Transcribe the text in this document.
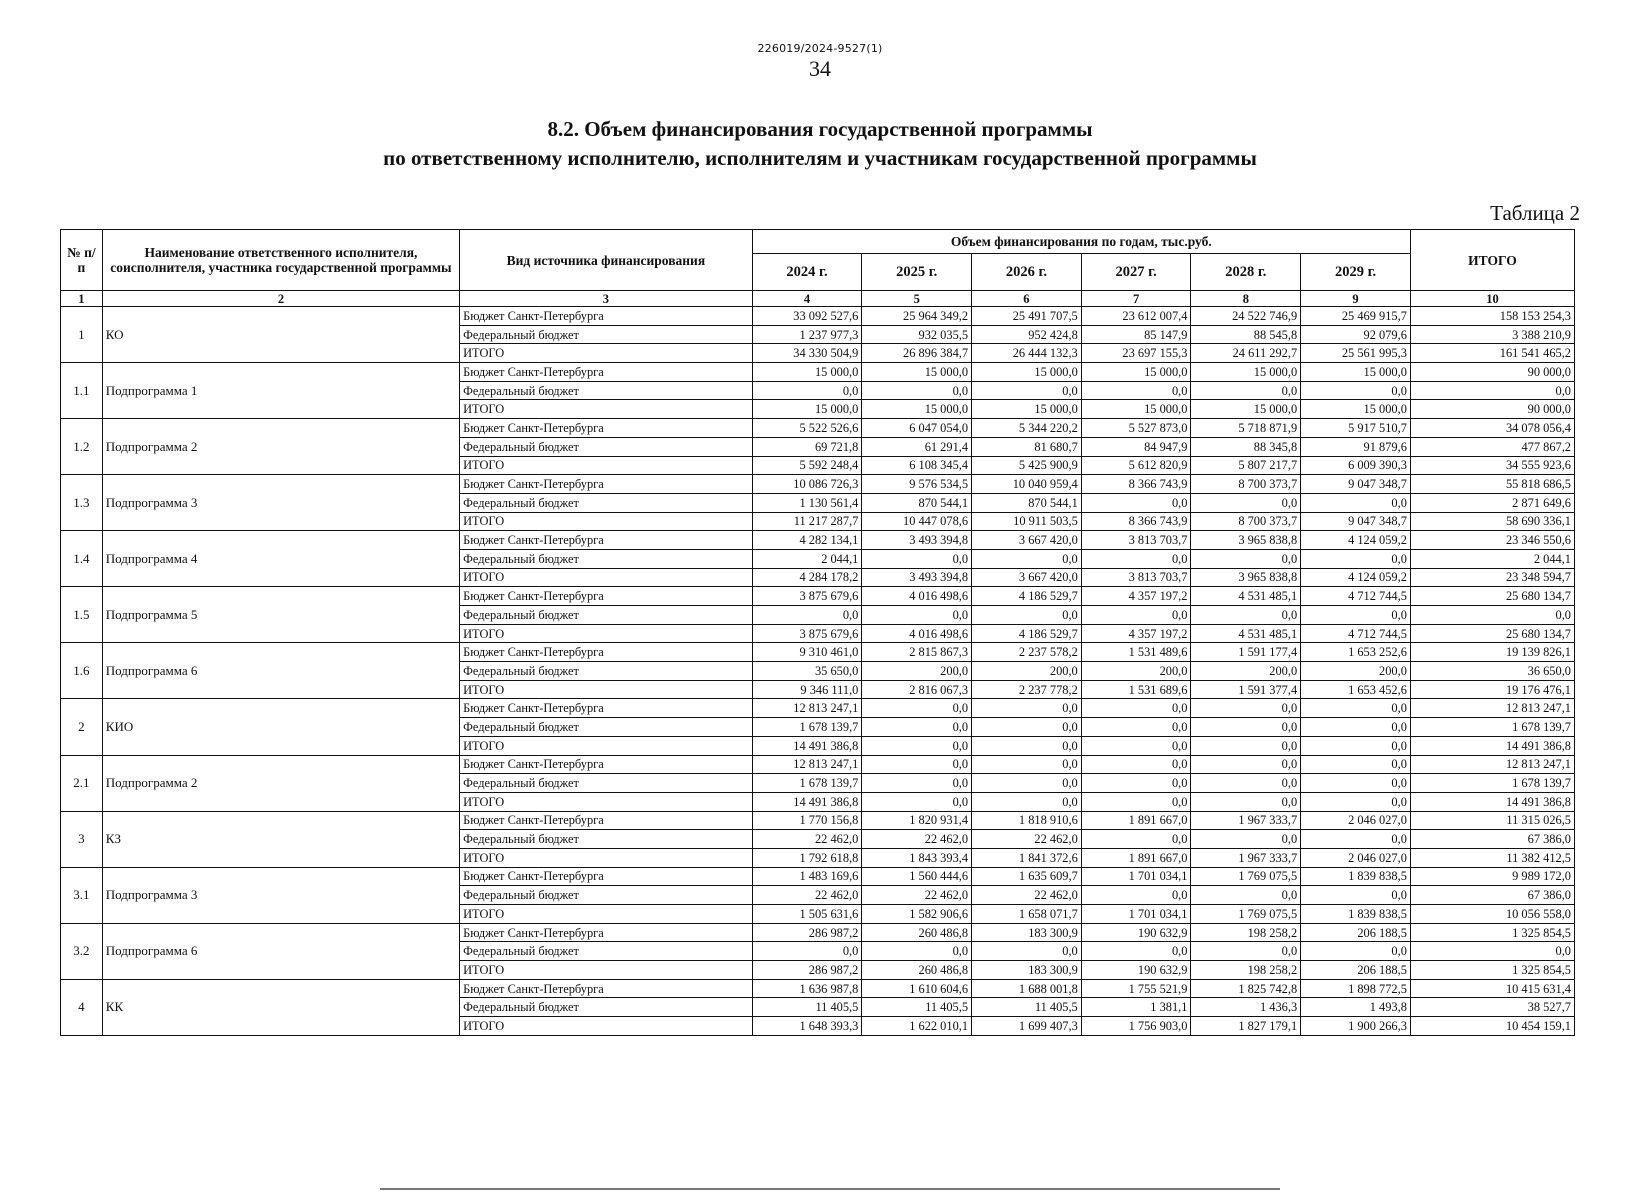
226019/2024-9527(1)
34
8.2. Объем финансирования государственной программы
по ответственному исполнителю, исполнителям и участникам государственной программы
Таблица 2
№ п/п	Наименование ответственного исполнителя, соисполнителя, участника государственной программы	Вид источника финансирования	Объем финансирования по годам, тыс.руб.						ИТОГО
			2024 г.	2025 г.	2026 г.	2027 г.	2028 г.	2029 г.	
1	2	3	4	5	6	7	8	9	10
1	КО	Бюджет Санкт-Петербурга	33 092 527,6	25 964 349,2	25 491 707,5	23 612 007,4	24 522 746,9	25 469 915,7	158 153 254,3
		Федеральный бюджет	1 237 977,3	932 035,5	952 424,8	85 147,9	88 545,8	92 079,6	3 388 210,9
		ИТОГО	34 330 504,9	26 896 384,7	26 444 132,3	23 697 155,3	24 611 292,7	25 561 995,3	161 541 465,2
1.1	Подпрограмма 1	Бюджет Санкт-Петербурга	15 000,0	15 000,0	15 000,0	15 000,0	15 000,0	15 000,0	90 000,0
		Федеральный бюджет	0,0	0,0	0,0	0,0	0,0	0,0	0,0
		ИТОГО	15 000,0	15 000,0	15 000,0	15 000,0	15 000,0	15 000,0	90 000,0
1.2	Подпрограмма 2	Бюджет Санкт-Петербурга	5 522 526,6	6 047 054,0	5 344 220,2	5 527 873,0	5 718 871,9	5 917 510,7	34 078 056,4
		Федеральный бюджет	69 721,8	61 291,4	81 680,7	84 947,9	88 345,8	91 879,6	477 867,2
		ИТОГО	5 592 248,4	6 108 345,4	5 425 900,9	5 612 820,9	5 807 217,7	6 009 390,3	34 555 923,6
1.3	Подпрограмма 3	Бюджет Санкт-Петербурга	10 086 726,3	9 576 534,5	10 040 959,4	8 366 743,9	8 700 373,7	9 047 348,7	55 818 686,5
		Федеральный бюджет	1 130 561,4	870 544,1	870 544,1	0,0	0,0	0,0	2 871 649,6
		ИТОГО	11 217 287,7	10 447 078,6	10 911 503,5	8 366 743,9	8 700 373,7	9 047 348,7	58 690 336,1
1.4	Подпрограмма 4	Бюджет Санкт-Петербурга	4 282 134,1	3 493 394,8	3 667 420,0	3 813 703,7	3 965 838,8	4 124 059,2	23 346 550,6
		Федеральный бюджет	2 044,1	0,0	0,0	0,0	0,0	0,0	2 044,1
		ИТОГО	4 284 178,2	3 493 394,8	3 667 420,0	3 813 703,7	3 965 838,8	4 124 059,2	23 348 594,7
1.5	Подпрограмма 5	Бюджет Санкт-Петербурга	3 875 679,6	4 016 498,6	4 186 529,7	4 357 197,2	4 531 485,1	4 712 744,5	25 680 134,7
		Федеральный бюджет	0,0	0,0	0,0	0,0	0,0	0,0	0,0
		ИТОГО	3 875 679,6	4 016 498,6	4 186 529,7	4 357 197,2	4 531 485,1	4 712 744,5	25 680 134,7
1.6	Подпрограмма 6	Бюджет Санкт-Петербурга	9 310 461,0	2 815 867,3	2 237 578,2	1 531 489,6	1 591 177,4	1 653 252,6	19 139 826,1
		Федеральный бюджет	35 650,0	200,0	200,0	200,0	200,0	200,0	36 650,0
		ИТОГО	9 346 111,0	2 816 067,3	2 237 778,2	1 531 689,6	1 591 377,4	1 653 452,6	19 176 476,1
2	КИО	Бюджет Санкт-Петербурга	12 813 247,1	0,0	0,0	0,0	0,0	0,0	12 813 247,1
		Федеральный бюджет	1 678 139,7	0,0	0,0	0,0	0,0	0,0	1 678 139,7
		ИТОГО	14 491 386,8	0,0	0,0	0,0	0,0	0,0	14 491 386,8
2.1	Подпрограмма 2	Бюджет Санкт-Петербурга	12 813 247,1	0,0	0,0	0,0	0,0	0,0	12 813 247,1
		Федеральный бюджет	1 678 139,7	0,0	0,0	0,0	0,0	0,0	1 678 139,7
		ИТОГО	14 491 386,8	0,0	0,0	0,0	0,0	0,0	14 491 386,8
3	КЗ	Бюджет Санкт-Петербурга	1 770 156,8	1 820 931,4	1 818 910,6	1 891 667,0	1 967 333,7	2 046 027,0	11 315 026,5
		Федеральный бюджет	22 462,0	22 462,0	22 462,0	0,0	0,0	0,0	67 386,0
		ИТОГО	1 792 618,8	1 843 393,4	1 841 372,6	1 891 667,0	1 967 333,7	2 046 027,0	11 382 412,5
3.1	Подпрограмма 3	Бюджет Санкт-Петербурга	1 483 169,6	1 560 444,6	1 635 609,7	1 701 034,1	1 769 075,5	1 839 838,5	9 989 172,0
		Федеральный бюджет	22 462,0	22 462,0	22 462,0	0,0	0,0	0,0	67 386,0
		ИТОГО	1 505 631,6	1 582 906,6	1 658 071,7	1 701 034,1	1 769 075,5	1 839 838,5	10 056 558,0
3.2	Подпрограмма 6	Бюджет Санкт-Петербурга	286 987,2	260 486,8	183 300,9	190 632,9	198 258,2	206 188,5	1 325 854,5
		Федеральный бюджет	0,0	0,0	0,0	0,0	0,0	0,0	0,0
		ИТОГО	286 987,2	260 486,8	183 300,9	190 632,9	198 258,2	206 188,5	1 325 854,5
4	КК	Бюджет Санкт-Петербурга	1 636 987,8	1 610 604,6	1 688 001,8	1 755 521,9	1 825 742,8	1 898 772,5	10 415 631,4
		Федеральный бюджет	11 405,5	11 405,5	11 405,5	1 381,1	1 436,3	1 493,8	38 527,7
		ИТОГО	1 648 393,3	1 622 010,1	1 699 407,3	1 756 903,0	1 827 179,1	1 900 266,3	10 454 159,1
